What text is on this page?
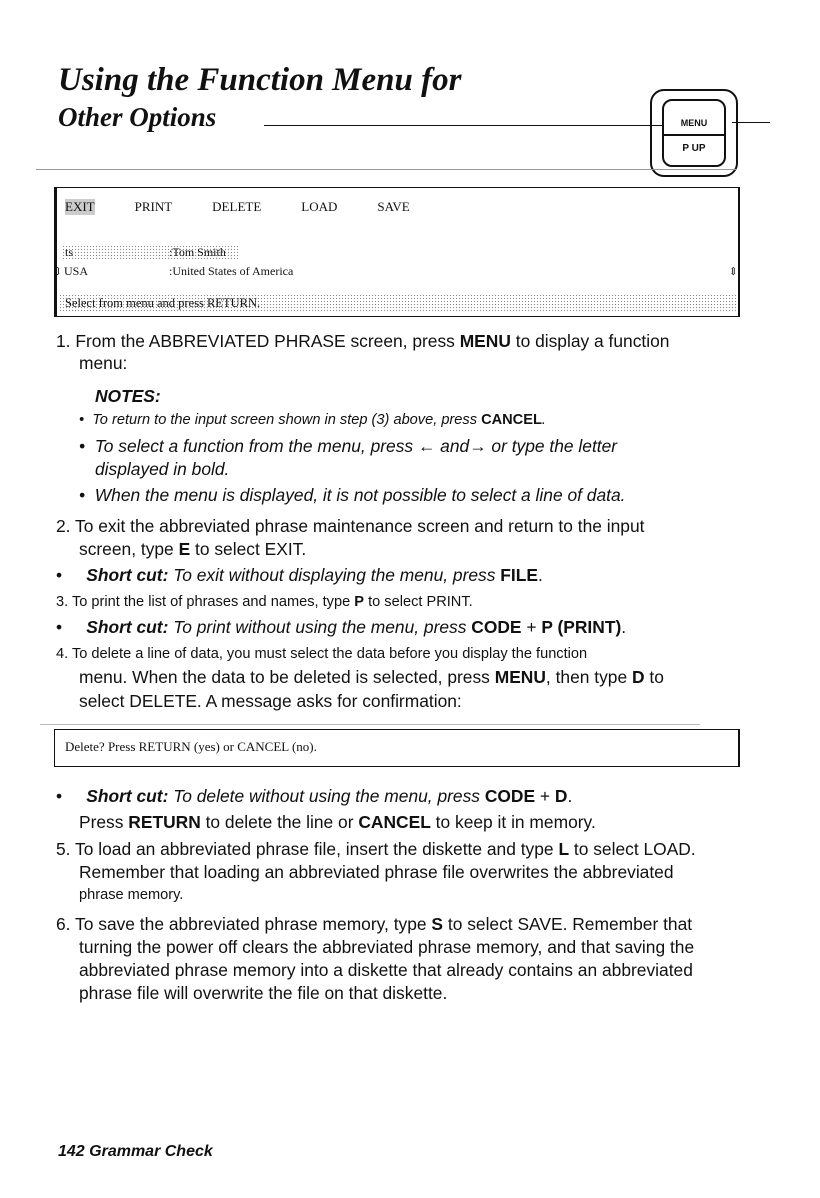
Using the Function Menu for
Other Options	MENU
P UP
EXIT	PRINT	DELETE	LOAD	SAVE
ts	:Tom Smith
⇕ USA	:United States of America	⇕
Select from menu and press RETURN.

1. From the ABBREVIATED PHRASE screen, press MENU to display a function

menu:

NOTES:

•  To return to the input screen shown in step (3) above, press CANCEL.

•  To select a function from the menu, press ← and→ or type the letter

displayed in bold.

•  When the menu is displayed, it is not possible to select a line of data.

2. To exit the abbreviated phrase maintenance screen and return to the input

screen, type E to select EXIT.

•     Short cut: To exit without displaying the menu, press FILE.

3. To print the list of phrases and names, type P to select PRINT.

•     Short cut: To print without using the menu, press CODE + P (PRINT).

4. To delete a line of data, you must select the data before you display the function

menu. When the data to be deleted is selected, press MENU, then type D to

select DELETE. A message asks for confirmation:

Delete? Press RETURN (yes) or CANCEL (no).

•     Short cut: To delete without using the menu, press CODE + D.

Press RETURN to delete the line or CANCEL to keep it in memory.

5. To load an abbreviated phrase file, insert the diskette and type L to select LOAD.

Remember that loading an abbreviated phrase file overwrites the abbreviated

phrase memory.

6. To save the abbreviated phrase memory, type S to select SAVE. Remember that

turning the power off clears the abbreviated phrase memory, and that saving the

abbreviated phrase memory into a diskette that already contains an abbreviated

phrase file will overwrite the file on that diskette.

142 Grammar Check
